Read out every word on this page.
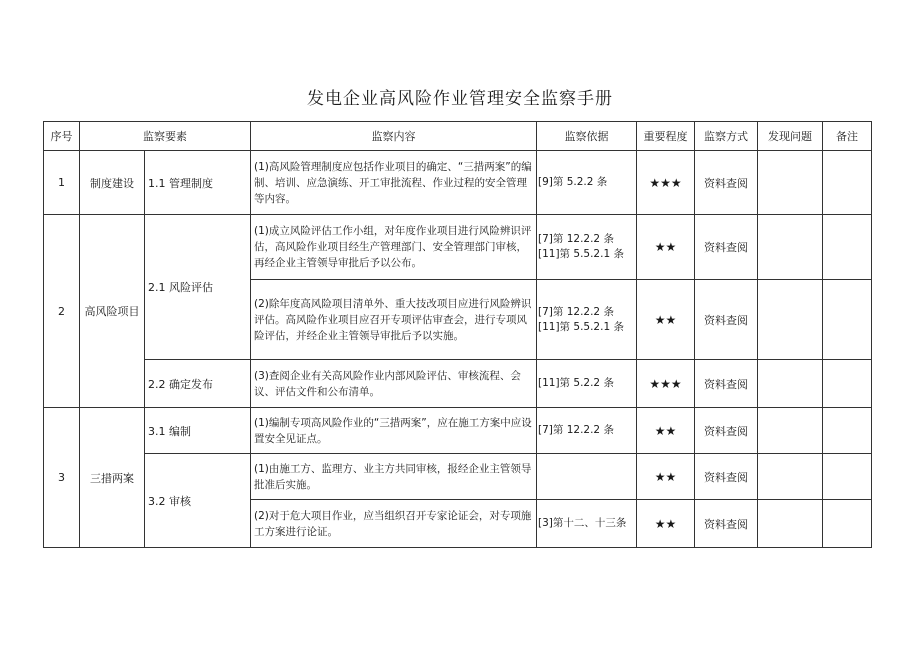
发电企业高风险作业管理安全监察手册
序号	监察要素		监察内容	监察依据	重要程度	监察方式	发现问题	备注
1	制度建设	1.1 管理制度	(1)高风险管理制度应包括作业项目的确定、“三措两案”的编制、培训、应急演练、开工审批流程、作业过程的安全管理等内容。	[9]第 5.2.2 条	★★★	资料查阅		
2	高风险项目	2.1 风险评估	(1)成立风险评估工作小组，对年度作业项目进行风险辨识评估，高风险作业项目经生产管理部门、安全管理部门审核，再经企业主管领导审批后予以公布。	[7]第 12.2.2 条[11]第 5.5.2.1 条	★★	资料查阅		
			(2)除年度高风险项目清单外、重大技改项目应进行风险辨识评估。高风险作业项目应召开专项评估审查会，进行专项风险评估，并经企业主管领导审批后予以实施。	[7]第 12.2.2 条[11]第 5.5.2.1 条	★★	资料查阅		
		2.2 确定发布	(3)查阅企业有关高风险作业内部风险评估、审核流程、会议、评估文件和公布清单。	[11]第 5.2.2 条	★★★	资料查阅		
3	三措两案	3.1 编制	(1)编制专项高风险作业的“三措两案”，应在施工方案中应设置安全见证点。	[7]第 12.2.2 条	★★	资料查阅		
		3.2 审核	(1)由施工方、监理方、业主方共同审核，报经企业主管领导批准后实施。		★★	资料查阅		
			(2)对于危大项目作业，应当组织召开专家论证会，对专项施工方案进行论证。	[3]第十二、十三条	★★	资料查阅		
